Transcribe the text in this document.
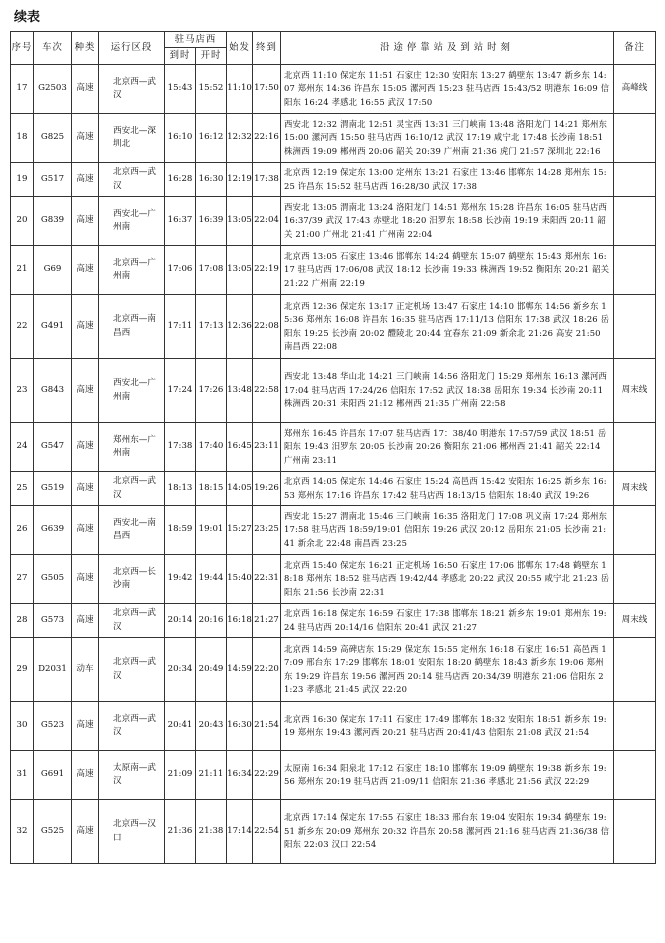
续表
序号	车次	种类	运行区段	驻马店西		始发	终到	沿途停靠站及到站时刻	备注
				到时	开时				
17	G2503	高速	北京西—武汉	15:43	15:52	11:10	17:50	北京西 11:10 保定东 11:51 石家庄 12:30 安阳东 13:27 鹤壁东 13:47 新乡东 14:07 郑州东 14:36 许昌东 15:05 漯河西 15:23 驻马店西 15:43/52 明港东 16:09 信阳东 16:24 孝感北 16:55 武汉 17:50	高峰线
18	G825	高速	西安北—深圳北	16:10	16:12	12:32	22:16	西安北 12:32 渭南北 12:51 灵宝西 13:31 三门峡南 13:48 洛阳龙门 14:21 郑州东 15:00 漯河西 15:50 驻马店西 16:10/12 武汉 17:19 咸宁北 17:48 长沙南 18:51 株洲西 19:09 郴州西 20:06 韶关 20:39 广州南 21:36 虎门 21:57 深圳北 22:16	
19	G517	高速	北京西—武汉	16:28	16:30	12:19	17:38	北京西 12:19 保定东 13:00 定州东 13:21 石家庄 13:46 邯郸东 14:28 郑州东 15:25 许昌东 15:52 驻马店西 16:28/30 武汉 17:38	
20	G839	高速	西安北—广州南	16:37	16:39	13:05	22:04	西安北 13:05 渭南北 13:24 洛阳龙门 14:51 郑州东 15:28 许昌东 16:05 驻马店西 16:37/39 武汉 17:43 赤壁北 18:20 汨罗东 18:58 长沙南 19:19 耒阳西 20:11 韶关 21:00 广州北 21:41 广州南 22:04	
21	G69	高速	北京西—广州南	17:06	17:08	13:05	22:19	北京西 13:05 石家庄 13:46 邯郸东 14:24 鹤壁东 15:07 鹤壁东 15:43 郑州东 16:17 驻马店西 17:06/08 武汉 18:12 长沙南 19:33 株洲西 19:52 衡阳东 20:21 韶关 21:22 广州南 22:19	
22	G491	高速	北京西—南昌西	17:11	17:13	12:36	22:08	北京西 12:36 保定东 13:17 正定机场 13:47 石家庄 14:10 邯郸东 14:56 新乡东 15:36 郑州东 16:08 许昌东 16:35 驻马店西 17:11/13 信阳东 17:38 武汉 18:26 岳阳东 19:25 长沙南 20:02 醴陵北 20:44 宜春东 21:09 新余北 21:26 高安 21:50 南昌西 22:08	
23	G843	高速	西安北—广州南	17:24	17:26	13:48	22:58	西安北 13:48 华山北 14:21 三门峡南 14:56 洛阳龙门 15:29 郑州东 16:13 漯河西 17:04 驻马店西 17:24/26 信阳东 17:52 武汉 18:38 岳阳东 19:34 长沙南 20:11 株洲西 20:31 耒阳西 21:12 郴州西 21:35 广州南 22:58	周末线
24	G547	高速	郑州东—广州南	17:38	17:40	16:45	23:11	郑州东 16:45 许昌东 17:07 驻马店西 17：38/40 明港东 17:57/59 武汉 18:51 岳阳东 19:43 汨罗东 20:05 长沙南 20:26 衡阳东 21:06 郴州西 21:41 韶关 22:14 广州南 23:11	
25	G519	高速	北京西—武汉	18:13	18:15	14:05	19:26	北京西 14:05 保定东 14:46 石家庄 15:24 高邑西 15:42 安阳东 16:25 新乡东 16:53 郑州东 17:16 许昌东 17:42 驻马店西 18:13/15 信阳东 18:40 武汉 19:26	周末线
26	G639	高速	西安北—南昌西	18:59	19:01	15:27	23:25	西安北 15:27 渭南北 15:46 三门峡南 16:35 洛阳龙门 17:08 巩义南 17:24 郑州东 17:58 驻马店西 18:59/19:01 信阳东 19:26 武汉 20:12 岳阳东 21:05 长沙南 21:41 新余北 22:48 南昌西 23:25	
27	G505	高速	北京西—长沙南	19:42	19:44	15:40	22:31	北京西 15:40 保定东 16:21 正定机场 16:50 石家庄 17:06 邯郸东 17:48 鹤壁东 18:18 郑州东 18:52 驻马店西 19:42/44 孝感北 20:22 武汉 20:55 咸宁北 21:23 岳阳东 21:56 长沙南 22:31	
28	G573	高速	北京西—武汉	20:14	20:16	16:18	21:27	北京西 16:18 保定东 16:59 石家庄 17:38 邯郸东 18:21 新乡东 19:01 郑州东 19:24 驻马店西 20:14/16 信阳东 20:41 武汉 21:27	周末线
29	D2031	动车	北京西—武汉	20:34	20:49	14:59	22:20	北京西 14:59 高碑店东 15:29 保定东 15:55 定州东 16:18 石家庄 16:51 高邑西 17:09 邢台东 17:29 邯郸东 18:01 安阳东 18:20 鹤壁东 18:43 新乡东 19:06 郑州东 19:29 许昌东 19:56 漯河西 20:14 驻马店西 20:34/39 明港东 21:06 信阳东 21:23 孝感北 21:45 武汉 22:20	
30	G523	高速	北京西—武汉	20:41	20:43	16:30	21:54	北京西 16:30 保定东 17:11 石家庄 17:49 邯郸东 18:32 安阳东 18:51 新乡东 19:19 郑州东 19:43 漯河西 20:21 驻马店西 20:41/43 信阳东 21:08 武汉 21:54	
31	G691	高速	太原南—武汉	21:09	21:11	16:34	22:29	太原南 16:34 阳泉北 17:12 石家庄 18:10 邯郸东 19:09 鹤壁东 19:38 新乡东 19:56 郑州东 20:19 驻马店西 21:09/11 信阳东 21:36 孝感北 21:56 武汉 22:29	
32	G525	高速	北京西—汉口	21:36	21:38	17:14	22:54	北京西 17:14 保定东 17:55 石家庄 18:33 邢台东 19:04 安阳东 19:34 鹤壁东 19:51 新乡东 20:09 郑州东 20:32 许昌东 20:58 漯河西 21:16 驻马店西 21:36/38 信阳东 22:03 汉口 22:54	
